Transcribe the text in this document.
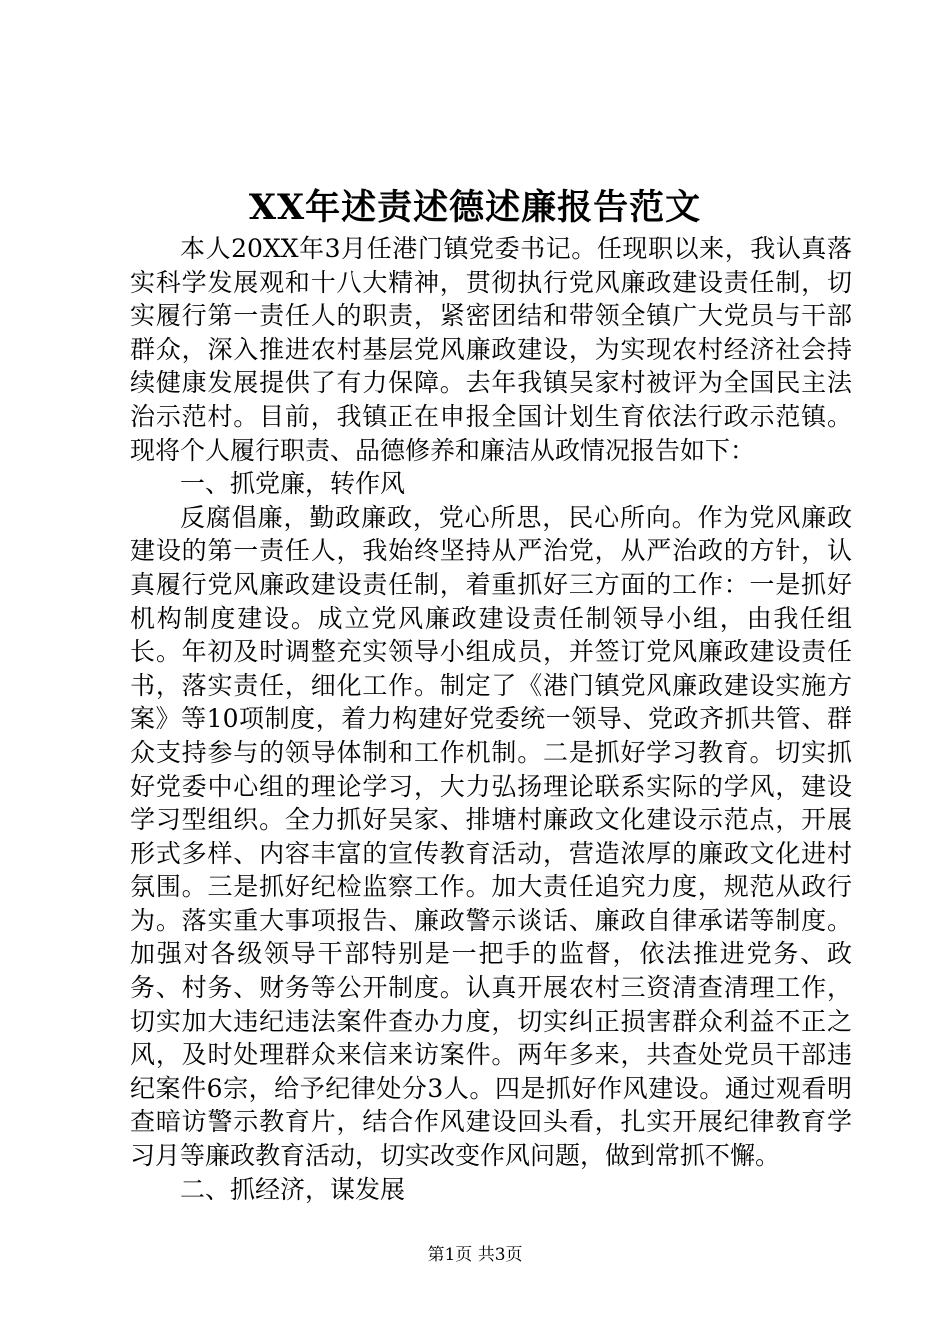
XX年述责述德述廉报告范文

本人20XX年3月任港门镇党委书记。任现职以来，我认真落实科学发展观和十八大精神，贯彻执行党风廉政建设责任制，切实履行第一责任人的职责，紧密团结和带领全镇广大党员与干部群众，深入推进农村基层党风廉政建设，为实现农村经济社会持续健康发展提供了有力保障。去年我镇吴家村被评为全国民主法治示范村。目前，我镇正在申报全国计划生育依法行政示范镇。现将个人履行职责、品德修养和廉洁从政情况报告如下：

一、抓党廉，转作风

反腐倡廉，勤政廉政，党心所思，民心所向。作为党风廉政建设的第一责任人，我始终坚持从严治党，从严治政的方针，认真履行党风廉政建设责任制，着重抓好三方面的工作：一是抓好机构制度建设。成立党风廉政建设责任制领导小组，由我任组长。年初及时调整充实领导小组成员，并签订党风廉政建设责任书，落实责任，细化工作。制定了《港门镇党风廉政建设实施方案》等10项制度，着力构建好党委统一领导、党政齐抓共管、群众支持参与的领导体制和工作机制。二是抓好学习教育。切实抓好党委中心组的理论学习，大力弘扬理论联系实际的学风，建设学习型组织。全力抓好吴家、排塘村廉政文化建设示范点，开展形式多样、内容丰富的宣传教育活动，营造浓厚的廉政文化进村氛围。三是抓好纪检监察工作。加大责任追究力度，规范从政行为。落实重大事项报告、廉政警示谈话、廉政自律承诺等制度。加强对各级领导干部特别是一把手的监督，依法推进党务、政务、村务、财务等公开制度。认真开展农村三资清查清理工作，切实加大违纪违法案件查办力度，切实纠正损害群众利益不正之风，及时处理群众来信来访案件。两年多来，共查处党员干部违纪案件6宗，给予纪律处分3人。四是抓好作风建设。通过观看明查暗访警示教育片，结合作风建设回头看，扎实开展纪律教育学习月等廉政教育活动，切实改变作风问题，做到常抓不懈。

二、抓经济，谋发展

第1页 共3页
